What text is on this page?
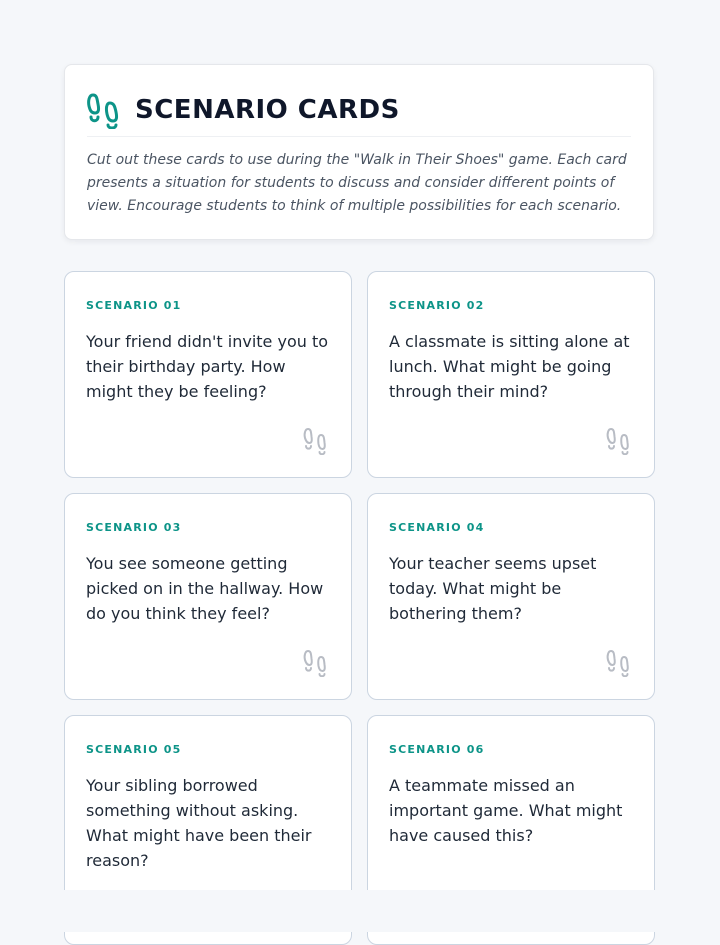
SCENARIO CARDS
Cut out these cards to use during the "Walk in Their Shoes" game. Each card presents a situation for students to discuss and consider different points of view. Encourage students to think of multiple possibilities for each scenario.
SCENARIO 01
Your friend didn't invite you to their birthday party. How might they be feeling?
SCENARIO 02
A classmate is sitting alone at lunch. What might be going through their mind?
SCENARIO 03
You see someone getting picked on in the hallway. How do you think they feel?
SCENARIO 04
Your teacher seems upset today. What might be bothering them?
SCENARIO 05
Your sibling borrowed something without asking. What might have been their reason?
SCENARIO 06
A teammate missed an important game. What might have caused this?
